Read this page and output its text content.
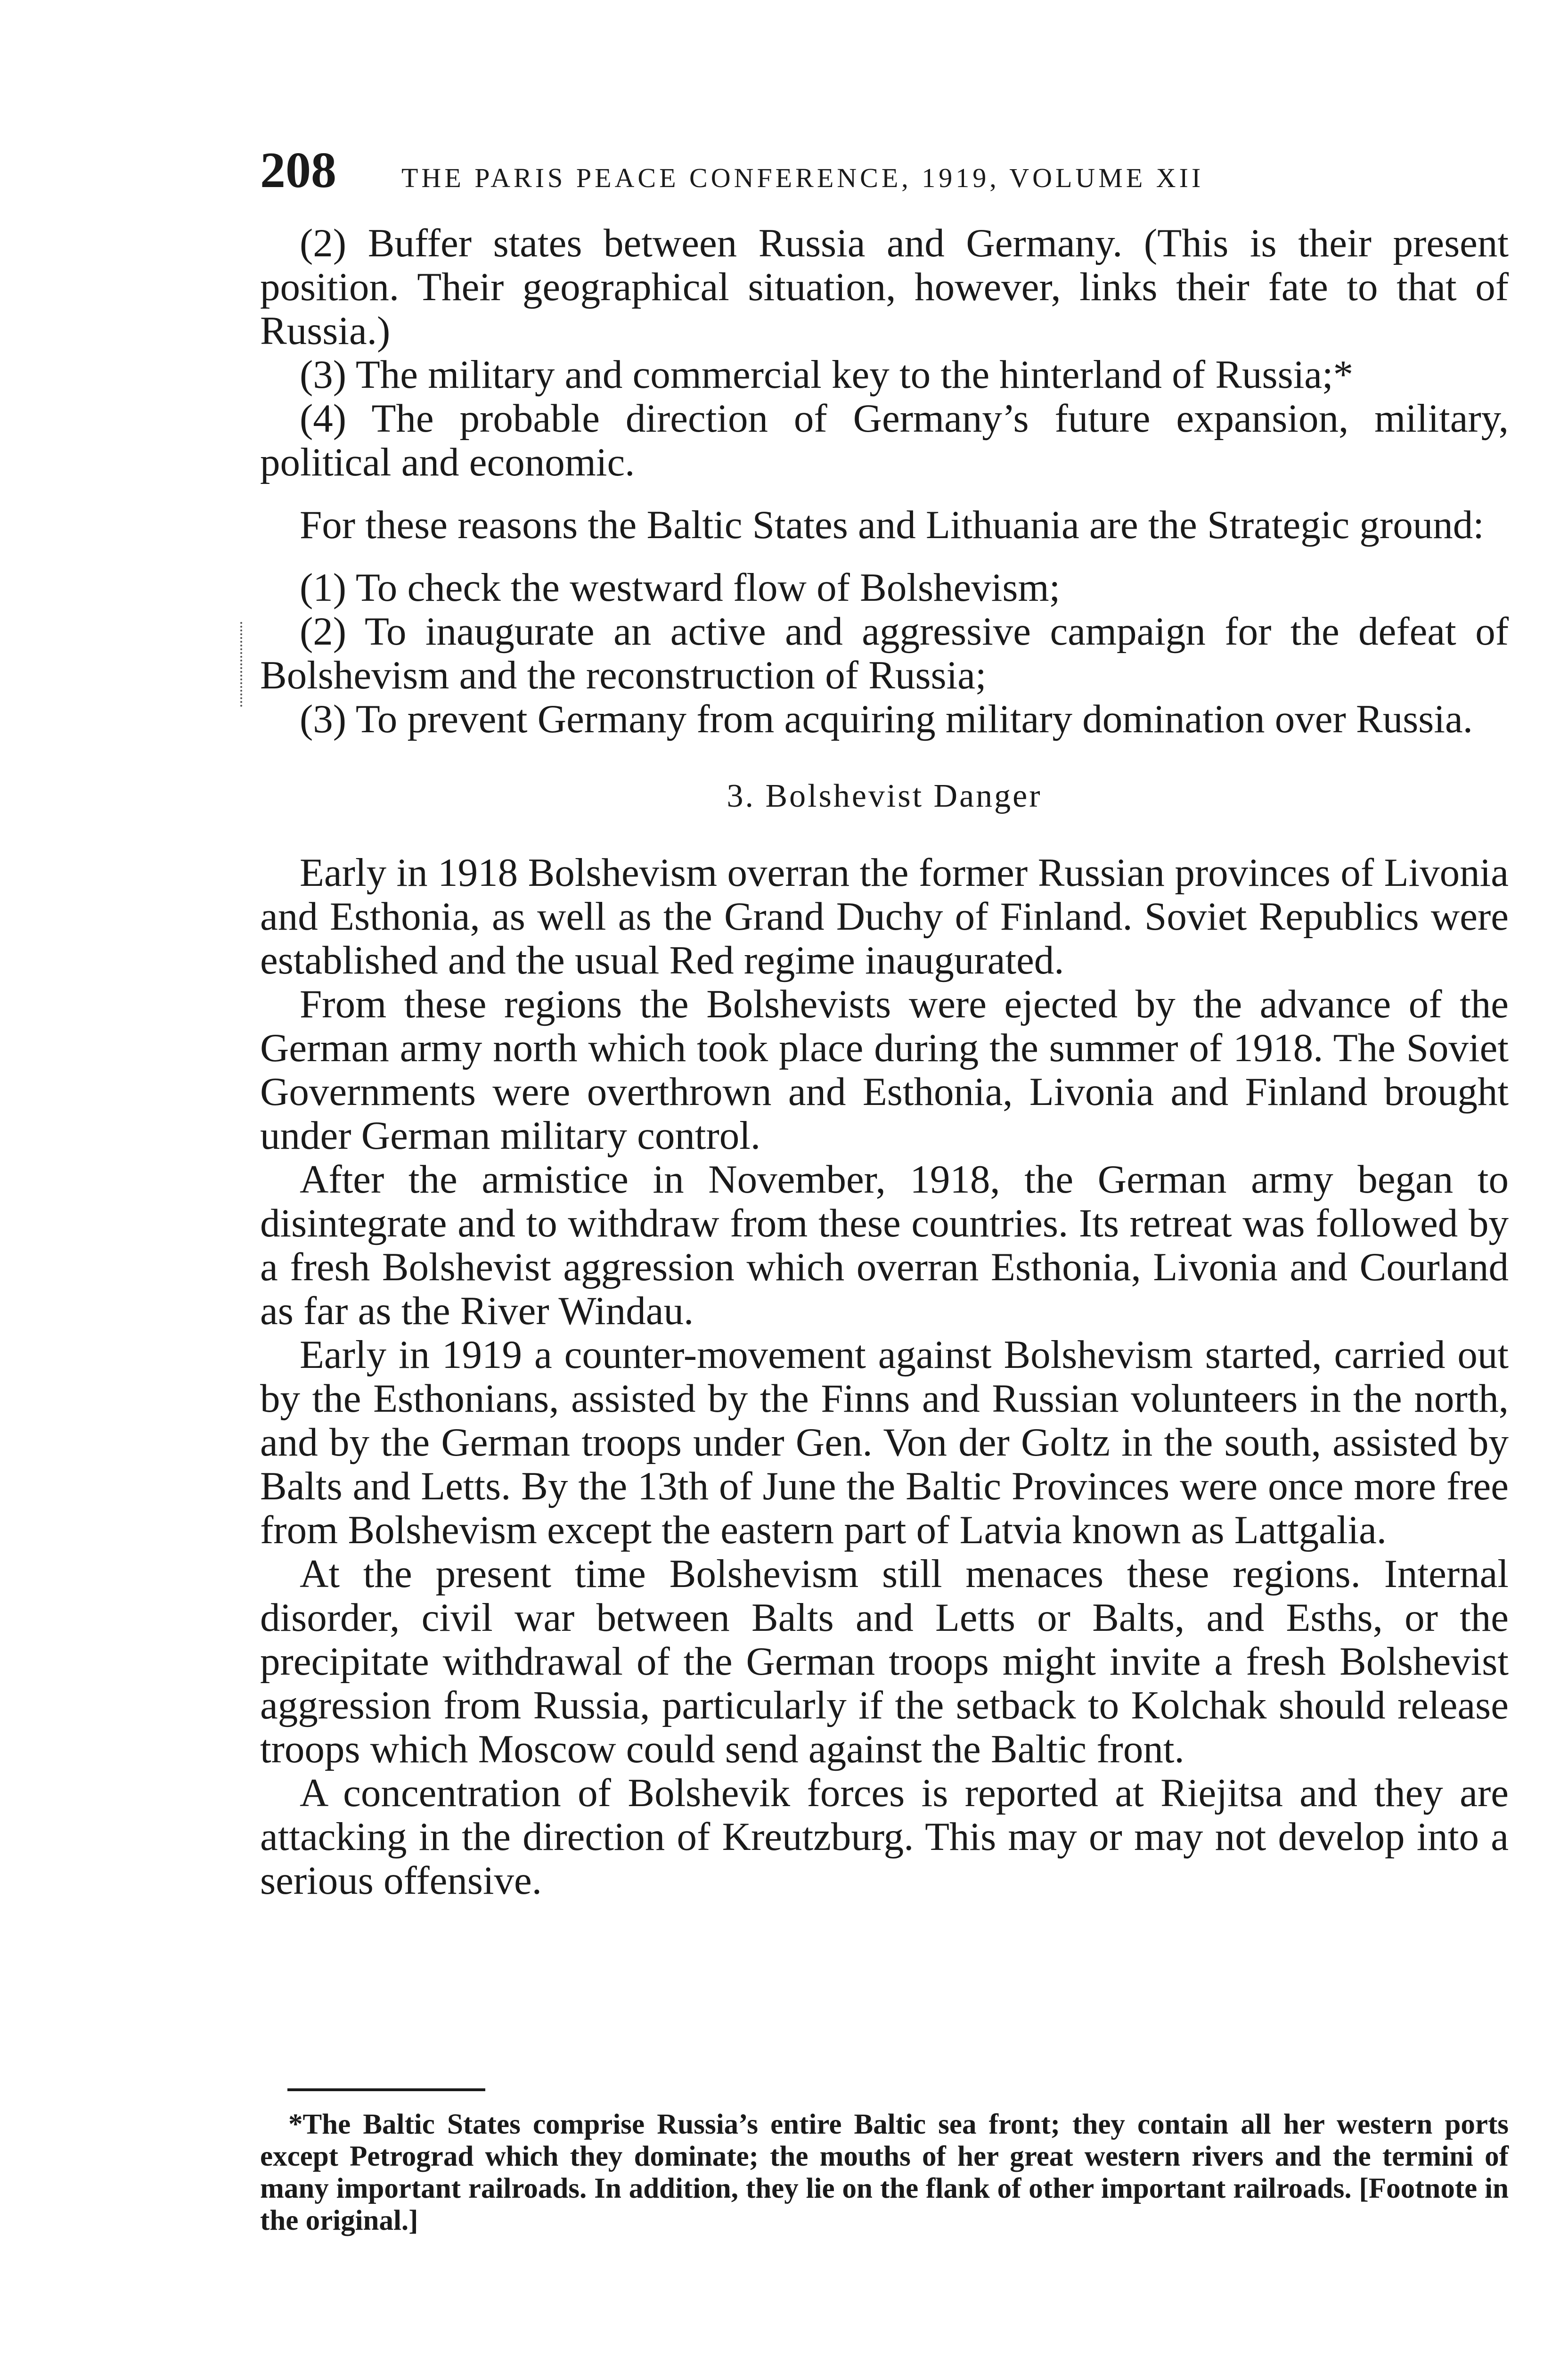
208	THE PARIS PEACE CONFERENCE, 1919, VOLUME XII

(2) Buffer states between Russia and Germany. (This is their present position. Their geographical situation, however, links their fate to that of Russia.)

(3) The military and commercial key to the hinterland of Russia;*

(4) The probable direction of Germany’s future expansion, military, political and economic.

For these reasons the Baltic States and Lithuania are the Strategic ground:

(1) To check the westward flow of Bolshevism;

(2) To inaugurate an active and aggressive campaign for the defeat of Bolshevism and the reconstruction of Russia;

(3) To prevent Germany from acquiring military domination over Russia.

3. Bolshevist Danger

Early in 1918 Bolshevism overran the former Russian provinces of Livonia and Esthonia, as well as the Grand Duchy of Finland. Soviet Republics were established and the usual Red regime inaugurated.

From these regions the Bolshevists were ejected by the advance of the German army north which took place during the summer of 1918. The Soviet Governments were overthrown and Esthonia, Livonia and Finland brought under German military control.

After the armistice in November, 1918, the German army began to disintegrate and to withdraw from these countries. Its retreat was followed by a fresh Bolshevist aggression which overran Esthonia, Livonia and Courland as far as the River Windau.

Early in 1919 a counter-movement against Bolshevism started, carried out by the Esthonians, assisted by the Finns and Russian volunteers in the north, and by the German troops under Gen. Von der Goltz in the south, assisted by Balts and Letts. By the 13th of June the Baltic Provinces were once more free from Bolshevism except the eastern part of Latvia known as Lattgalia.

At the present time Bolshevism still menaces these regions. Internal disorder, civil war between Balts and Letts or Balts, and Esths, or the precipitate withdrawal of the German troops might invite a fresh Bolshevist aggression from Russia, particularly if the setback to Kolchak should release troops which Moscow could send against the Baltic front.

A concentration of Bolshevik forces is reported at Riejitsa and they are attacking in the direction of Kreutzburg. This may or may not develop into a serious offensive.

*The Baltic States comprise Russia’s entire Baltic sea front; they contain all her western ports except Petrograd which they dominate; the mouths of her great western rivers and the termini of many important railroads. In addition, they lie on the flank of other important railroads. [Footnote in the original.]
